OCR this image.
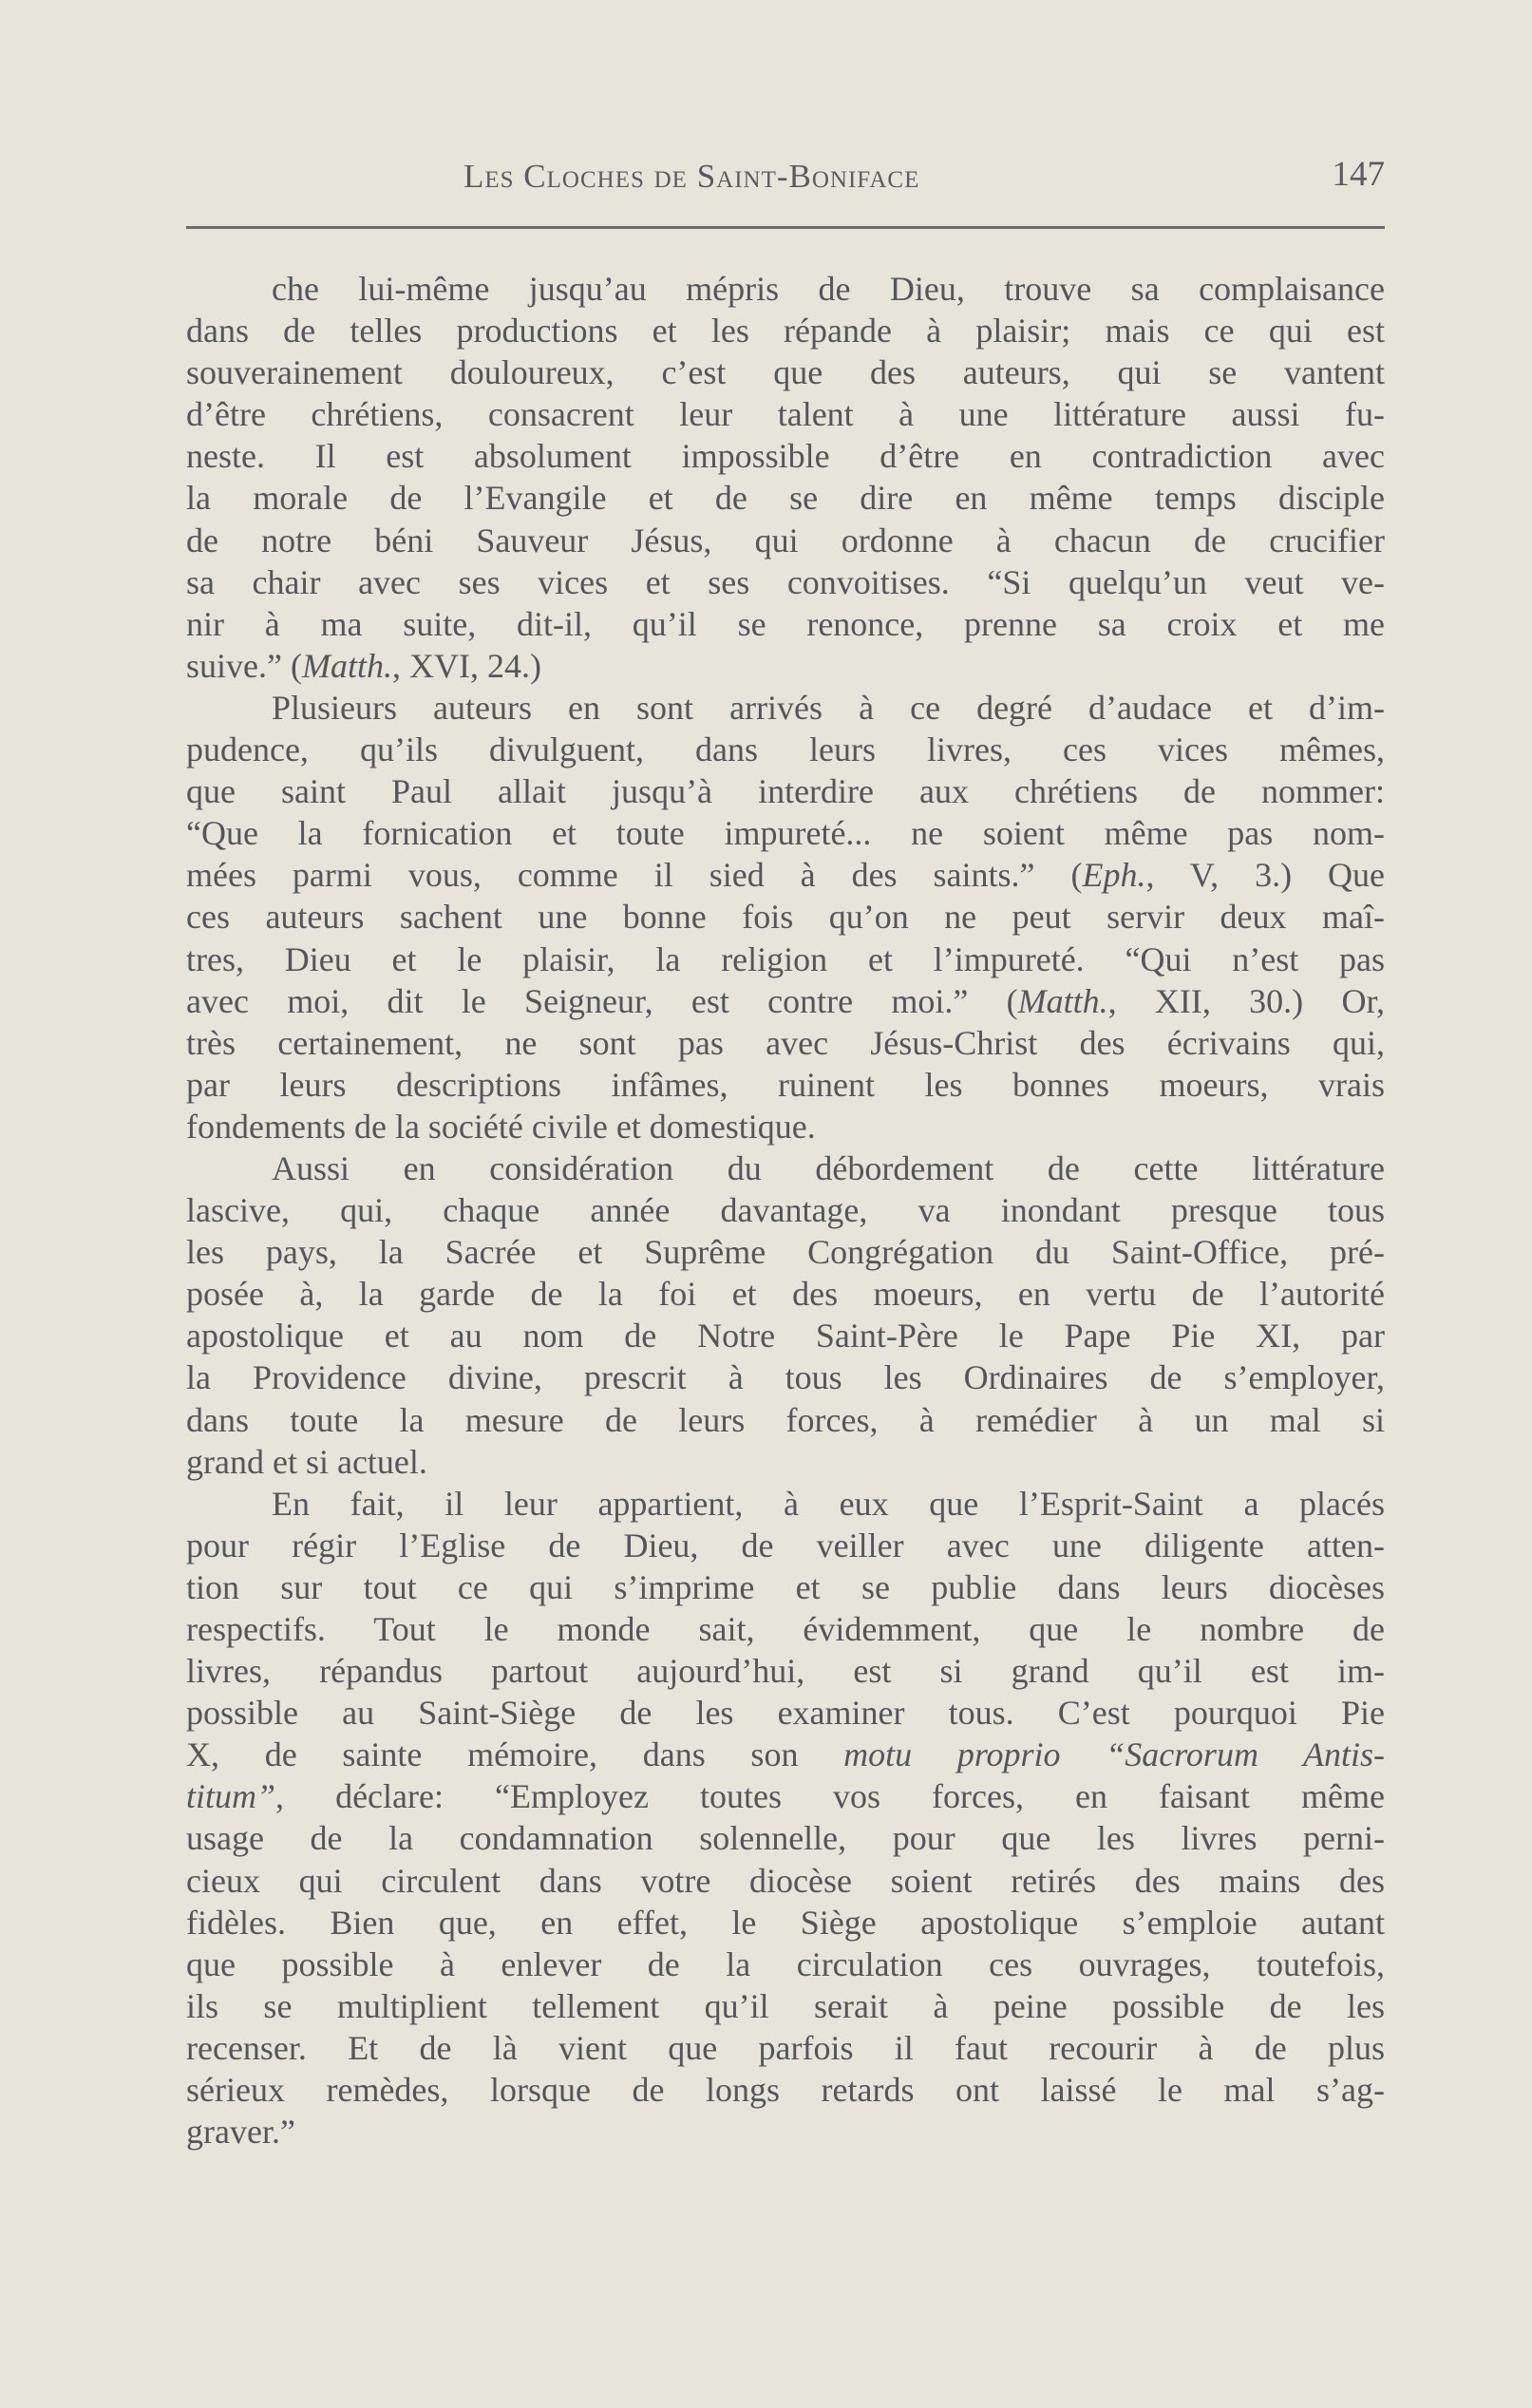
Les Cloches de Saint-Boniface	147
che lui-même jusqu’au mépris de Dieu, trouve sa complaisance
dans de telles productions et les répande à plaisir; mais ce qui est
souverainement douloureux, c’est que des auteurs, qui se vantent
d’être chrétiens, consacrent leur talent à une littérature aussi fu-
neste. Il est absolument impossible d’être en contradiction avec
la morale de l’Evangile et de se dire en même temps disciple
de notre béni Sauveur Jésus, qui ordonne à chacun de crucifier
sa chair avec ses vices et ses convoitises. “Si quelqu’un veut ve-
nir à ma suite, dit-il, qu’il se renonce, prenne sa croix et me
suive.” (Matth., XVI, 24.)
Plusieurs auteurs en sont arrivés à ce degré d’audace et d’im-
pudence, qu’ils divulguent, dans leurs livres, ces vices mêmes,
que saint Paul allait jusqu’à interdire aux chrétiens de nommer:
“Que la fornication et toute impureté... ne soient même pas nom-
mées parmi vous, comme il sied à des saints.” (Eph., V, 3.) Que
ces auteurs sachent une bonne fois qu’on ne peut servir deux maî-
tres, Dieu et le plaisir, la religion et l’impureté. “Qui n’est pas
avec moi, dit le Seigneur, est contre moi.” (Matth., XII, 30.) Or,
très certainement, ne sont pas avec Jésus-Christ des écrivains qui,
par leurs descriptions infâmes, ruinent les bonnes moeurs, vrais
fondements de la société civile et domestique.
Aussi en considération du débordement de cette littérature
lascive, qui, chaque année davantage, va inondant presque tous
les pays, la Sacrée et Suprême Congrégation du Saint-Office, pré-
posée à, la garde de la foi et des moeurs, en vertu de l’autorité
apostolique et au nom de Notre Saint-Père le Pape Pie XI, par
la Providence divine, prescrit à tous les Ordinaires de s’employer,
dans toute la mesure de leurs forces, à remédier à un mal si
grand et si actuel.
En fait, il leur appartient, à eux que l’Esprit-Saint a placés
pour régir l’Eglise de Dieu, de veiller avec une diligente atten-
tion sur tout ce qui s’imprime et se publie dans leurs diocèses
respectifs. Tout le monde sait, évidemment, que le nombre de
livres, répandus partout aujourd’hui, est si grand qu’il est im-
possible au Saint-Siège de les examiner tous. C’est pourquoi Pie
X, de sainte mémoire, dans son motu proprio “Sacrorum Antis-
titum”, déclare: “Employez toutes vos forces, en faisant même
usage de la condamnation solennelle, pour que les livres perni-
cieux qui circulent dans votre diocèse soient retirés des mains des
fidèles. Bien que, en effet, le Siège apostolique s’emploie autant
que possible à enlever de la circulation ces ouvrages, toutefois,
ils se multiplient tellement qu’il serait à peine possible de les
recenser. Et de là vient que parfois il faut recourir à de plus
sérieux remèdes, lorsque de longs retards ont laissé le mal s’ag-
graver.”
